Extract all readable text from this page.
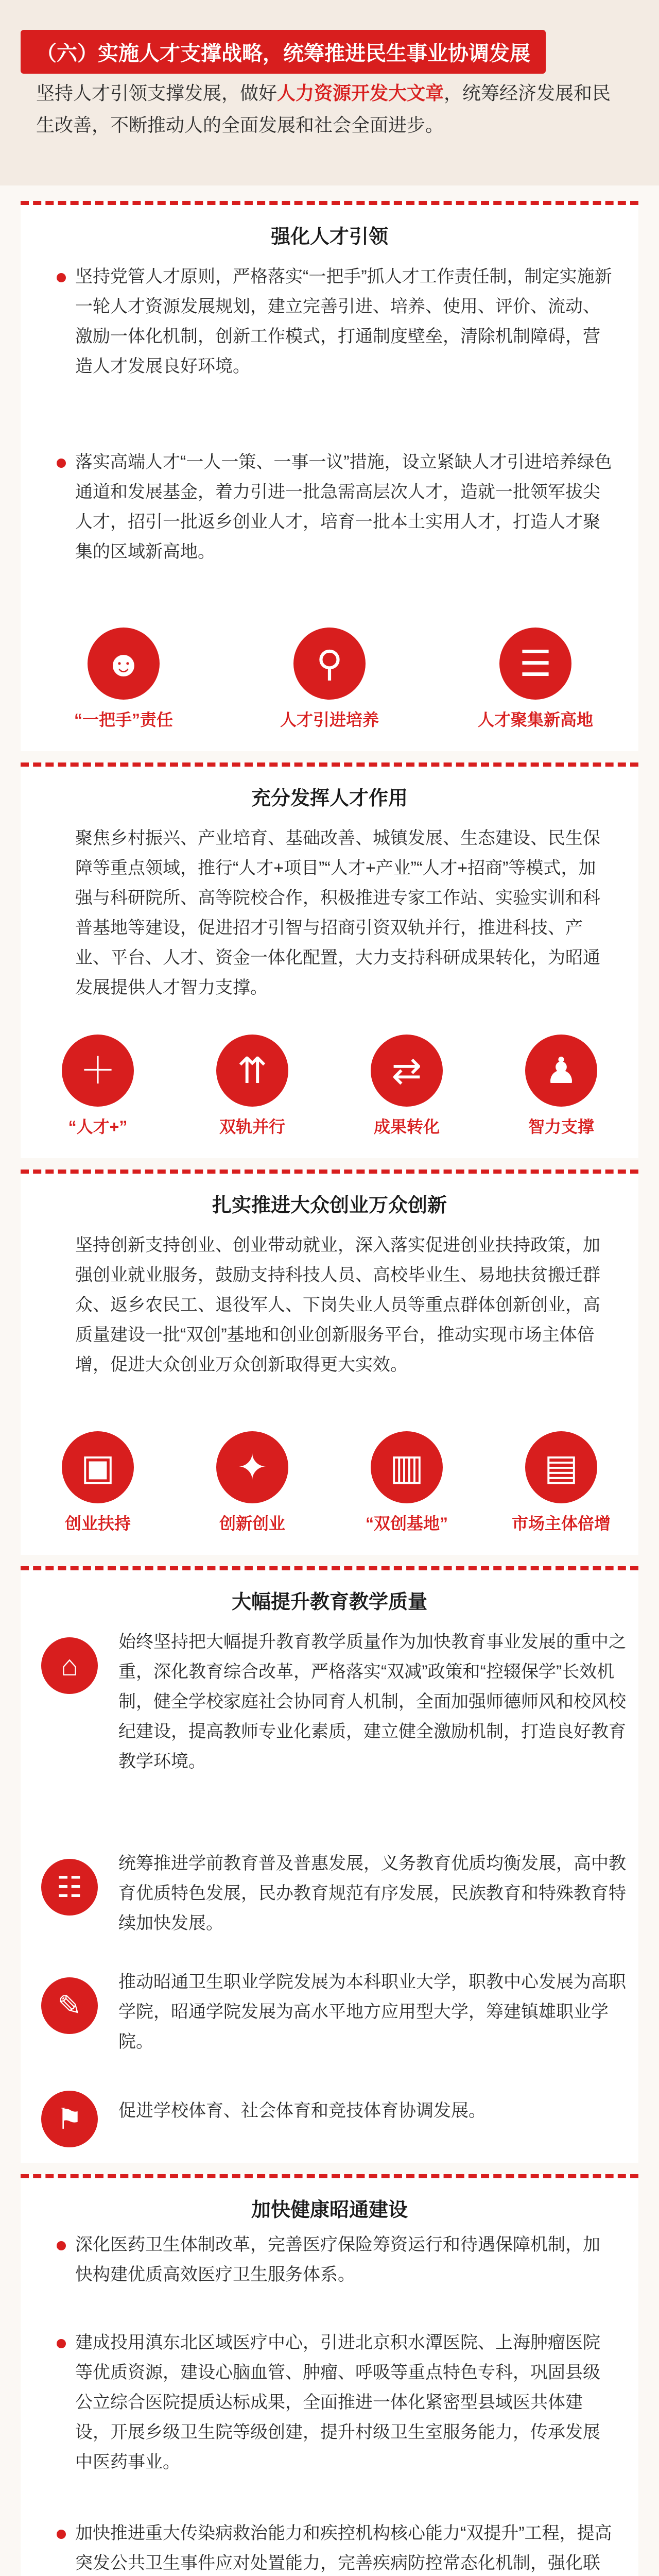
（六）实施人才支撑战略，统筹推进民生事业协调发展
坚持人才引领支撑发展，做好人力资源开发大文章，统筹经济发展和民生改善，不断推动人的全面发展和社会全面进步。
强化人才引领
坚持党管人才原则，严格落实“一把手”抓人才工作责任制，制定实施新一轮人才资源发展规划，建立完善引进、培养、使用、评价、流动、激励一体化机制，创新工作模式，打通制度壁垒，清除机制障碍，营造人才发展良好环境。
落实高端人才“一人一策、一事一议”措施，设立紧缺人才引进培养绿色通道和发展基金，着力引进一批急需高层次人才，造就一批领军拔尖人才，招引一批返乡创业人才，培育一批本土实用人才，打造人才聚集的区域新高地。
☻
“一把手”责任
⚲
人才引进培养
☰
人才聚集新高地
充分发挥人才作用
聚焦乡村振兴、产业培育、基础改善、城镇发展、生态建设、民生保障等重点领域，推行“人才+项目”“人才+产业”“人才+招商”等模式，加强与科研院所、高等院校合作，积极推进专家工作站、实验实训和科普基地等建设，促进招才引智与招商引资双轨并行，推进科技、产业、平台、人才、资金一体化配置，大力支持科研成果转化，为昭通发展提供人才智力支撑。
＋
“人才+”
⇈
双轨并行
⇄
成果转化
♟
智力支撑
扎实推进大众创业万众创新
坚持创新支持创业、创业带动就业，深入落实促进创业扶持政策，加强创业就业服务，鼓励支持科技人员、高校毕业生、易地扶贫搬迁群众、返乡农民工、退役军人、下岗失业人员等重点群体创新创业，高质量建设一批“双创”基地和创业创新服务平台，推动实现市场主体倍增，促进大众创业万众创新取得更大实效。
▣
创业扶持
✦
创新创业
▥
“双创基地”
▤
市场主体倍增
大幅提升教育教学质量
⌂
始终坚持把大幅提升教育教学质量作为加快教育事业发展的重中之重，深化教育综合改革，严格落实“双减”政策和“控辍保学”长效机制，健全学校家庭社会协同育人机制，全面加强师德师风和校风校纪建设，提高教师专业化素质，建立健全激励机制，打造良好教育教学环境。
☷
统筹推进学前教育普及普惠发展，义务教育优质均衡发展，高中教育优质特色发展，民办教育规范有序发展，民族教育和特殊教育特续加快发展。
✎
推动昭通卫生职业学院发展为本科职业大学，职教中心发展为高职学院，昭通学院发展为高水平地方应用型大学，筹建镇雄职业学院。
⚑	促进学校体育、社会体育和竞技体育协调发展。
加快健康昭通建设
深化医药卫生体制改革，完善医疗保险筹资运行和待遇保障机制，加快构建优质高效医疗卫生服务体系。
建成投用滇东北区域医疗中心，引进北京积水潭医院、上海肿瘤医院等优质资源，建设心脑血管、肿瘤、呼吸等重点特色专科，巩固县级公立综合医院提质达标成果，全面推进一体化紧密型县域医共体建设，开展乡级卫生院等级创建，提升村级卫生室服务能力，传承发展中医药事业。
加快推进重大传染病救治能力和疾控机构核心能力“双提升”工程，提高突发公共卫生事件应对处置能力，完善疾病防控常态化机制，强化联
